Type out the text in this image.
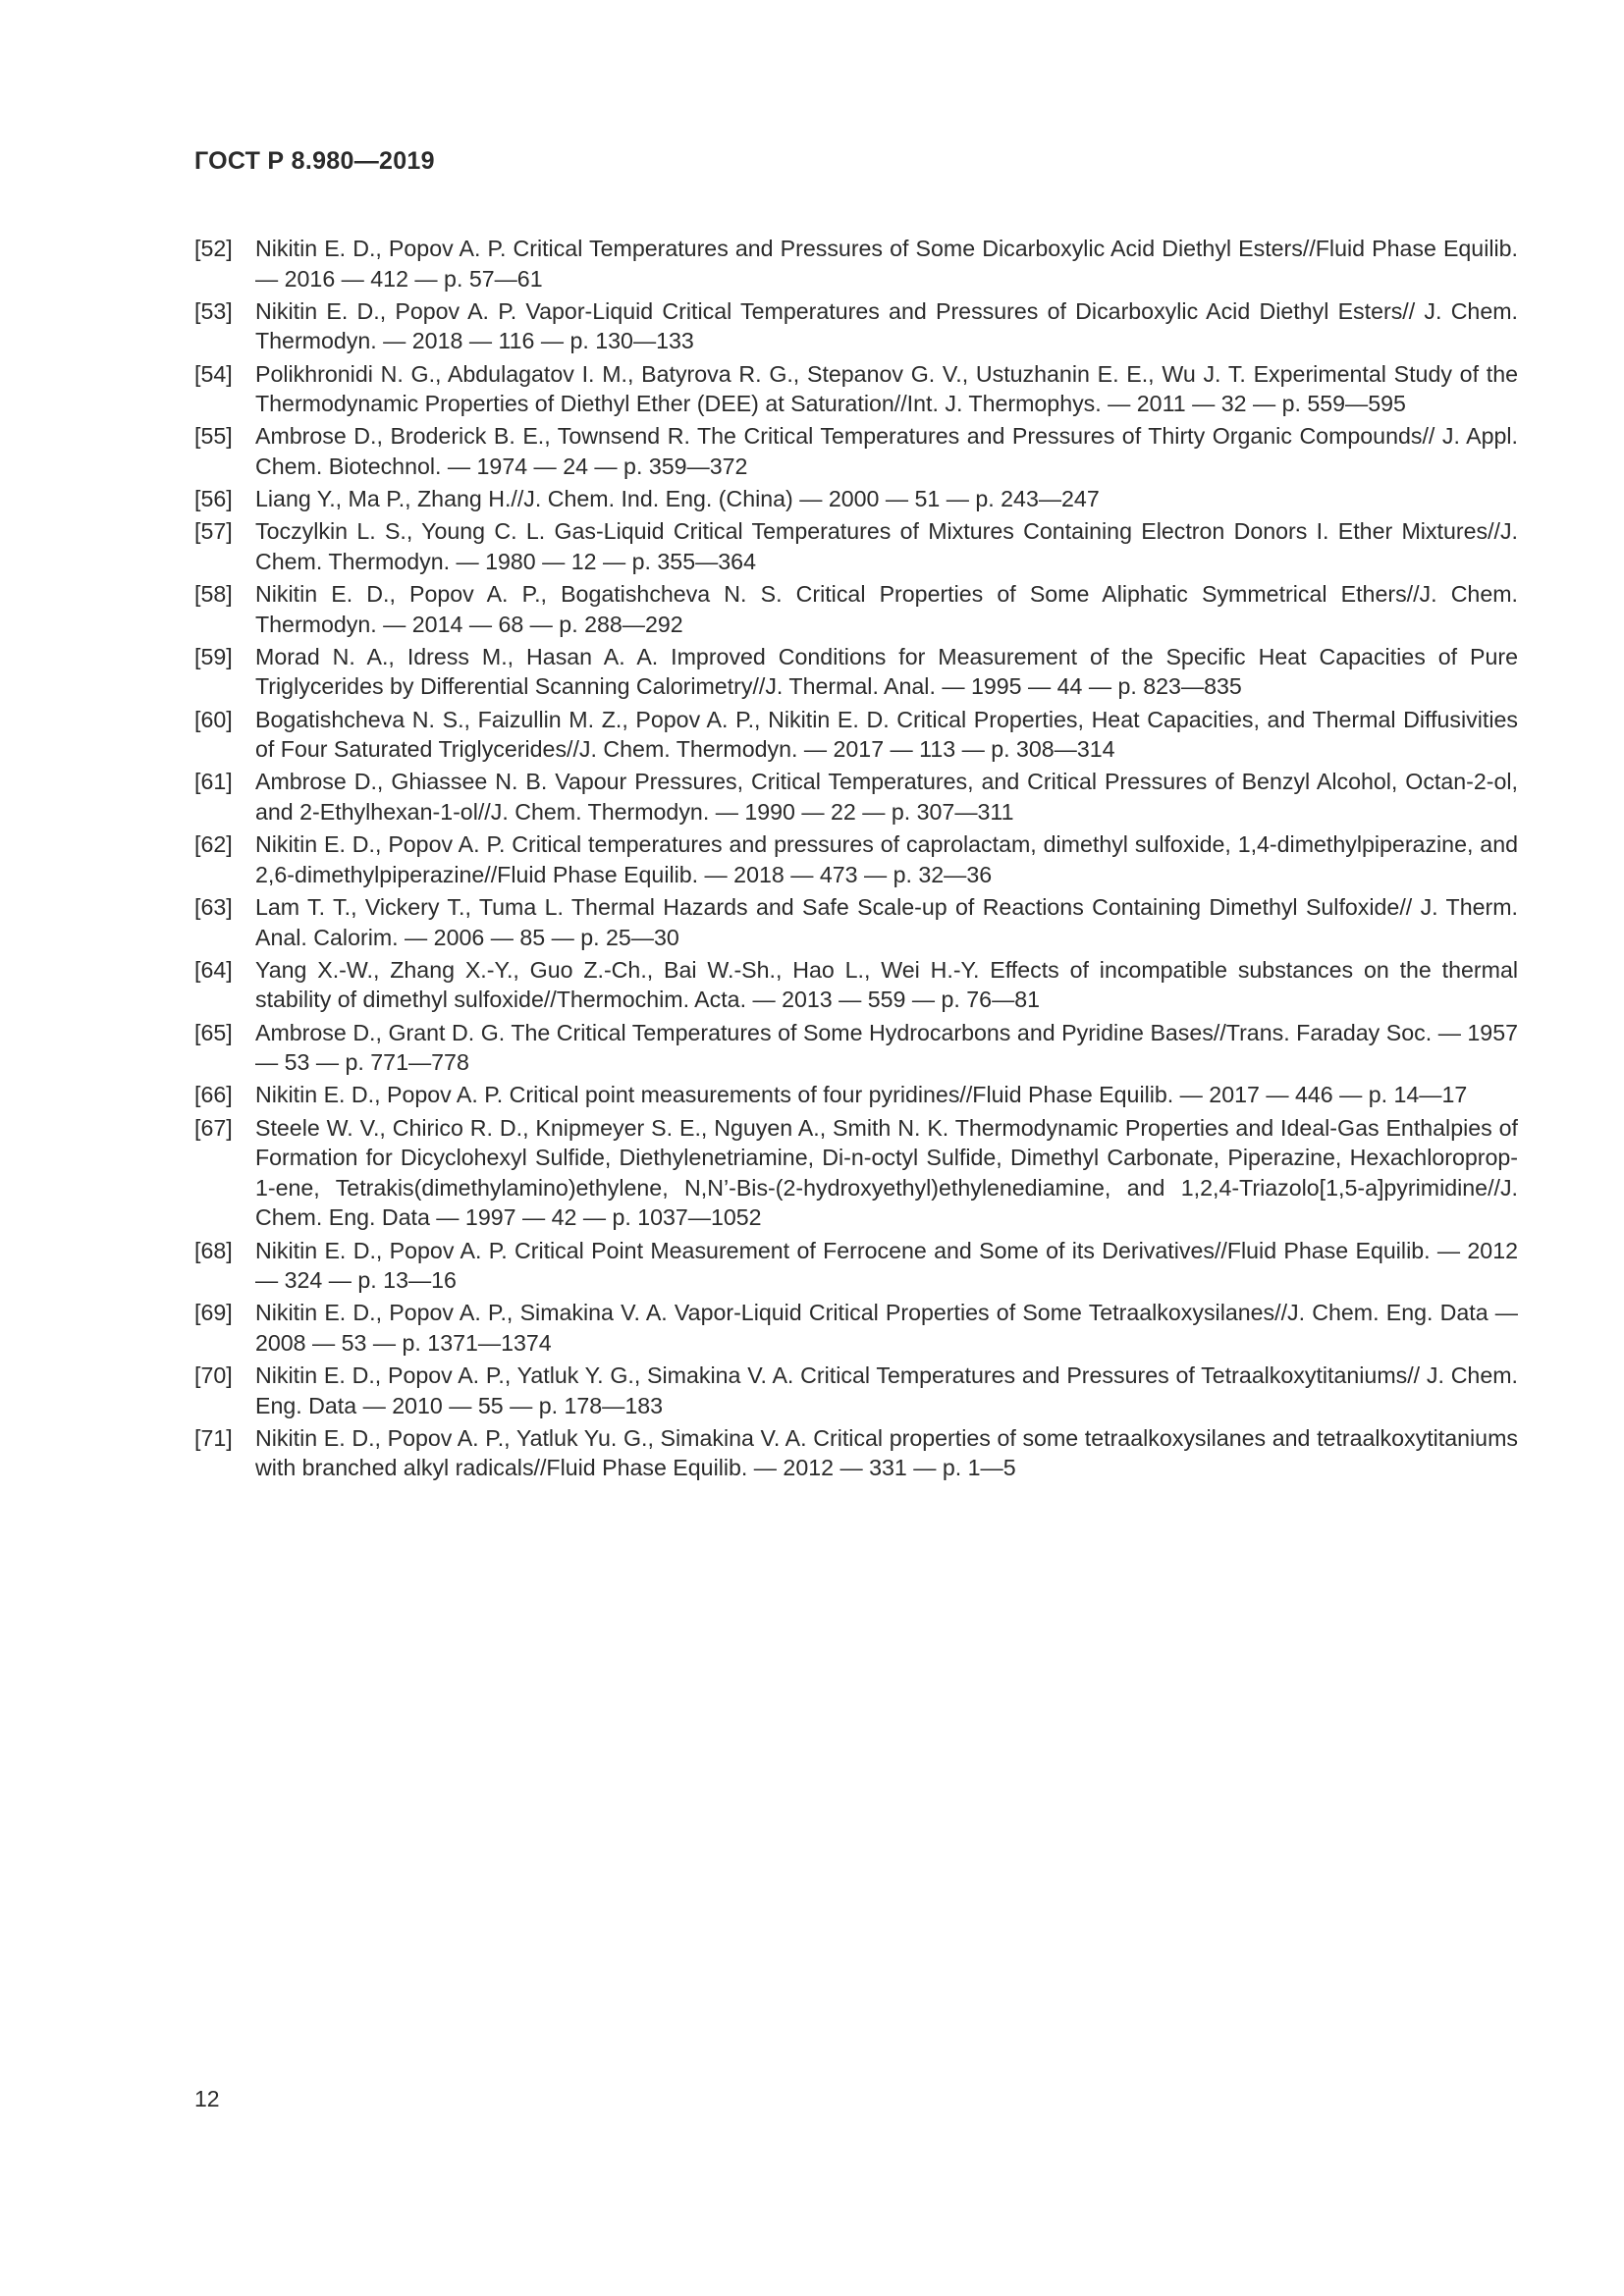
ГОСТ Р 8.980—2019
[52]	Nikitin E. D., Popov A. P. Critical Temperatures and Pressures of Some Dicarboxylic Acid Diethyl Esters//Fluid Phase Equilib. — 2016 — 412 — p. 57—61
[53]	Nikitin E. D., Popov A. P. Vapor-Liquid Critical Temperatures and Pressures of Dicarboxylic Acid Diethyl Esters// J. Chem. Thermodyn. — 2018 — 116 — p. 130—133
[54]	Polikhronidi N. G., Abdulagatov I. M., Batyrova R. G., Stepanov G. V., Ustuzhanin E. E., Wu J. T. Experimental Study of the Thermodynamic Properties of Diethyl Ether (DEE) at Saturation//Int. J. Thermophys. — 2011 — 32 — p. 559—595
[55]	Ambrose D., Broderick B. E., Townsend R. The Critical Temperatures and Pressures of Thirty Organic Compounds// J. Appl. Chem. Biotechnol. — 1974 — 24 — p. 359—372
[56]	Liang Y., Ma P., Zhang H.//J. Chem. Ind. Eng. (China) — 2000 — 51 — p. 243—247
[57]	Toczylkin L. S., Young C. L. Gas-Liquid Critical Temperatures of Mixtures Containing Electron Donors I. Ether Mixtures//J. Chem. Thermodyn. — 1980 — 12 — p. 355—364
[58]	Nikitin E. D., Popov A. P., Bogatishcheva N. S. Critical Properties of Some Aliphatic Symmetrical Ethers//J. Chem. Thermodyn. — 2014 — 68 — p. 288—292
[59]	Morad N. A., Idress M., Hasan A. A. Improved Conditions for Measurement of the Specific Heat Capacities of Pure Triglycerides by Differential Scanning Calorimetry//J. Thermal. Anal. — 1995 — 44 — p. 823—835
[60]	Bogatishcheva N. S., Faizullin M. Z., Popov A. P., Nikitin E. D. Critical Properties, Heat Capacities, and Thermal Diffusivities of Four Saturated Triglycerides//J. Chem. Thermodyn. — 2017 — 113 — p. 308—314
[61]	Ambrose D., Ghiassee N. B. Vapour Pressures, Critical Temperatures, and Critical Pressures of Benzyl Alcohol, Octan-2-ol, and 2-Ethylhexan-1-ol//J. Chem. Thermodyn. — 1990 — 22 — p. 307—311
[62]	Nikitin E. D., Popov A. P. Critical temperatures and pressures of caprolactam, dimethyl sulfoxide, 1,4-dimethylpiperazine, and 2,6-dimethylpiperazine//Fluid Phase Equilib. — 2018 — 473 — p. 32—36
[63]	Lam T. T., Vickery T., Tuma L. Thermal Hazards and Safe Scale-up of Reactions Containing Dimethyl Sulfoxide// J. Therm. Anal. Calorim. — 2006 — 85 — p. 25—30
[64]	Yang X.-W., Zhang X.-Y., Guo Z.-Ch., Bai W.-Sh., Hao L., Wei H.-Y. Effects of incompatible substances on the thermal stability of dimethyl sulfoxide//Thermochim. Acta. — 2013 — 559 — p. 76—81
[65]	Ambrose D., Grant D. G. The Critical Temperatures of Some Hydrocarbons and Pyridine Bases//Trans. Faraday Soc. — 1957 — 53 — p. 771—778
[66]	Nikitin E. D., Popov A. P. Critical point measurements of four pyridines//Fluid Phase Equilib. — 2017 — 446 — p. 14—17
[67]	Steele W. V., Chirico R. D., Knipmeyer S. E., Nguyen A., Smith N. K. Thermodynamic Properties and Ideal-Gas Enthalpies of Formation for Dicyclohexyl Sulfide, Diethylenetriamine, Di-n-octyl Sulfide, Dimethyl Carbonate, Piperazine, Hexachloroprop-1-ene, Tetrakis(dimethylamino)ethylene, N,N’-Bis-(2-hydroxyethyl)ethylenediamine, and 1,2,4-Triazolo[1,5-a]pyrimidine//J. Chem. Eng. Data — 1997 — 42 — p. 1037—1052
[68]	Nikitin E. D., Popov A. P. Critical Point Measurement of Ferrocene and Some of its Derivatives//Fluid Phase Equilib. — 2012 — 324 — p. 13—16
[69]	Nikitin E. D., Popov A. P., Simakina V. A. Vapor-Liquid Critical Properties of Some Tetraalkoxysilanes//J. Chem. Eng. Data — 2008 — 53 — p. 1371—1374
[70]	Nikitin E. D., Popov A. P., Yatluk Y. G., Simakina V. A. Critical Temperatures and Pressures of Tetraalkoxytitaniums// J. Chem. Eng. Data — 2010 — 55 — p. 178—183
[71]	Nikitin E. D., Popov A. P., Yatluk Yu. G., Simakina V. A. Critical properties of some tetraalkoxysilanes and tetraalkoxytitaniums with branched alkyl radicals//Fluid Phase Equilib. — 2012 — 331 — p. 1—5
12
